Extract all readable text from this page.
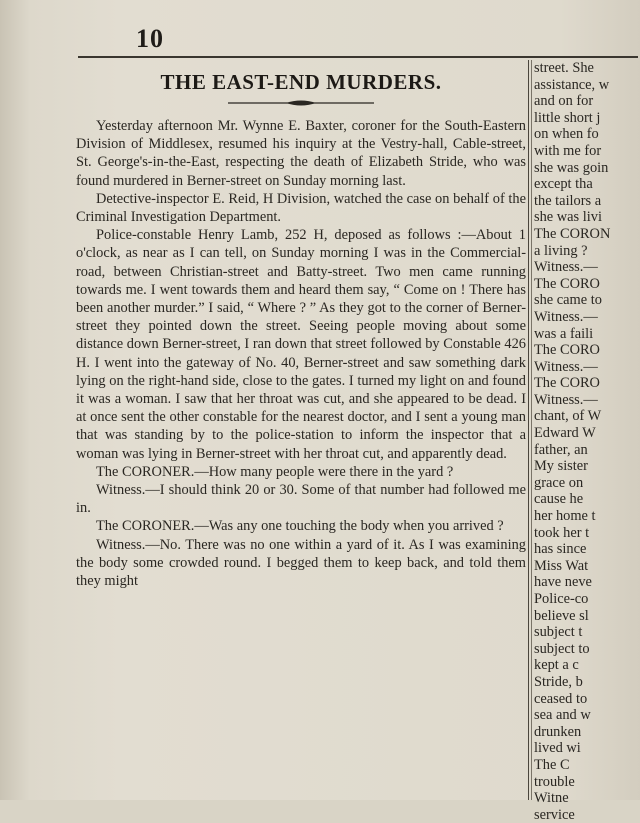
10
THE EAST-END MURDERS.

Yesterday afternoon Mr. Wynne E. Baxter, coroner for the South-Eastern Division of Middlesex, resumed his inquiry at the Vestry-hall, Cable-street, St. George's-in-the-East, respecting the death of Elizabeth Stride, who was found murdered in Berner-street on Sunday morning last.

Detective-inspector E. Reid, H Division, watched the case on behalf of the Criminal Investigation Department.

Police-constable Henry Lamb, 252 H, deposed as follows :—About 1 o'clock, as near as I can tell, on Sunday morning I was in the Commercial-road, between Christian-street and Batty-street. Two men came running towards me. I went towards them and heard them say, “ Come on ! There has been another murder.” I said, “ Where ? ” As they got to the corner of Berner-street they pointed down the street. Seeing people moving about some distance down Berner-street, I ran down that street followed by Constable 426 H. I went into the gateway of No. 40, Berner-street and saw something dark lying on the right-hand side, close to the gates. I turned my light on and found it was a woman. I saw that her throat was cut, and she appeared to be dead. I at once sent the other constable for the nearest doctor, and I sent a young man that was standing by to the police-station to inform the inspector that a woman was lying in Berner-street with her throat cut, and apparently dead.

The CORONER.—How many people were there in the yard ?

Witness.—I should think 20 or 30. Some of that number had followed me in.

The CORONER.—Was any one touching the body when you arrived ?

Witness.—No. There was no one within a yard of it. As I was examining the body some crowded round. I begged them to keep back, and told them they might

street. She

assistance, w

and on for

little short j

on when fo

with me for

she was goin

except tha

the tailors a

she was livi

The CORON

a living ?

Witness.—

The CORO

she came to

Witness.—

was a faili

The CORO

Witness.—

The CORO

Witness.—

chant, of W

Edward W

father, an

My sister

grace on

cause he

her home t

took her t

has since

Miss Wat

have neve

Police-co

believe sl

subject t

subject to

kept a c

Stride, b

ceased to

sea and w

drunken

lived wi

The C

trouble

Witne

service
